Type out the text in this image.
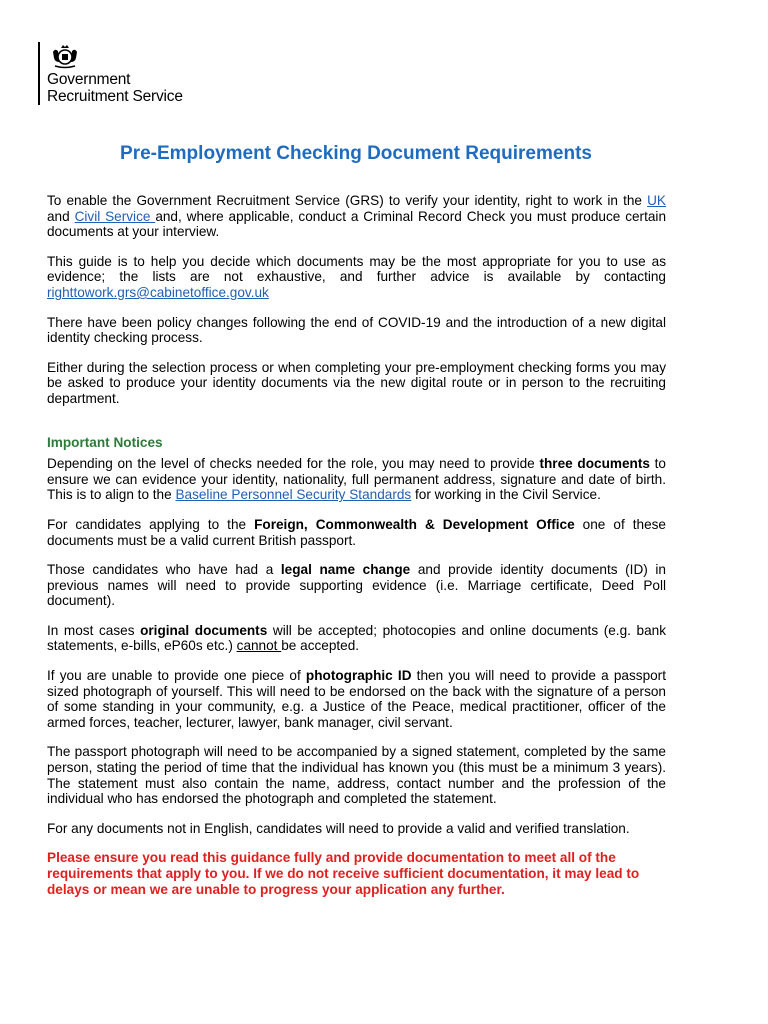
Government
Recruitment Service
Pre-Employment Checking Document Requirements

To enable the Government Recruitment Service (GRS) to verify your identity, right to work in the UK and Civil Service and, where applicable, conduct a Criminal Record Check you must produce certain documents at your interview.

This guide is to help you decide which documents may be the most appropriate for you to use as evidence; the lists are not exhaustive, and further advice is available by contacting righttowork.grs@cabinetoffice.gov.uk

There have been policy changes following the end of COVID-19 and the introduction of a new digital identity checking process.

Either during the selection process or when completing your pre-employment checking forms you may be asked to produce your identity documents via the new digital route or in person to the recruiting department.

Important Notices

Depending on the level of checks needed for the role, you may need to provide three documents to ensure we can evidence your identity, nationality, full permanent address, signature and date of birth. This is to align to the Baseline Personnel Security Standards for working in the Civil Service.

For candidates applying to the Foreign, Commonwealth & Development Office one of these documents must be a valid current British passport.

Those candidates who have had a legal name change and provide identity documents (ID) in previous names will need to provide supporting evidence (i.e. Marriage certificate, Deed Poll document).

In most cases original documents will be accepted; photocopies and online documents (e.g. bank statements, e-bills, eP60s etc.) cannot be accepted.

If you are unable to provide one piece of photographic ID then you will need to provide a passport sized photograph of yourself. This will need to be endorsed on the back with the signature of a person of some standing in your community, e.g. a Justice of the Peace, medical practitioner, officer of the armed forces, teacher, lecturer, lawyer, bank manager, civil servant.

The passport photograph will need to be accompanied by a signed statement, completed by the same person, stating the period of time that the individual has known you (this must be a minimum 3 years). The statement must also contain the name, address, contact number and the profession of the individual who has endorsed the photograph and completed the statement.

For any documents not in English, candidates will need to provide a valid and verified translation.

Please ensure you read this guidance fully and provide documentation to meet all of the requirements that apply to you. If we do not receive sufficient documentation, it may lead to delays or mean we are unable to progress your application any further.
